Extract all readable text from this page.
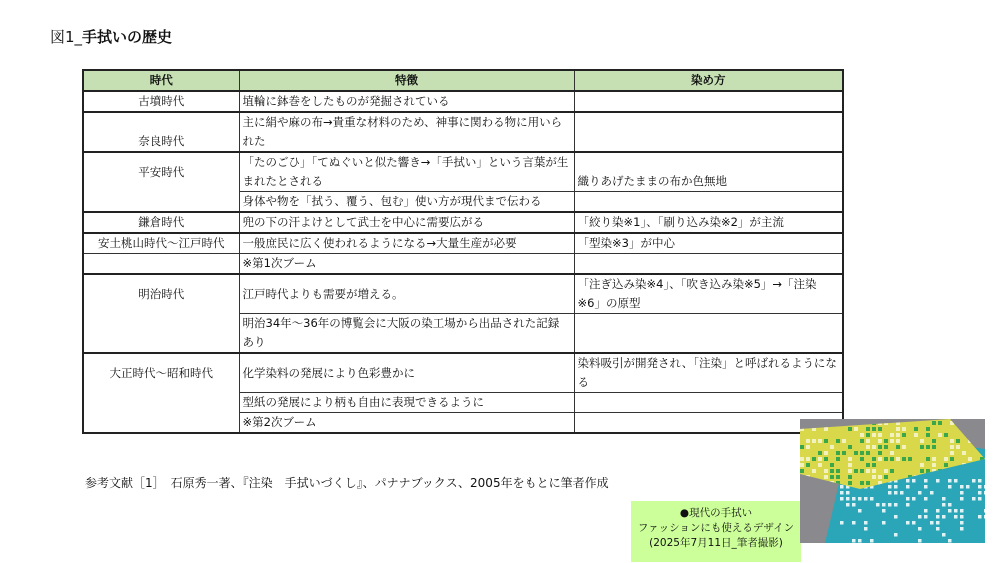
図1_手拭いの歴史
時代	特徴	染め方
古墳時代	埴輪に鉢巻をしたものが発掘されている	
奈良時代	主に絹や麻の布→貴重な材料のため、神事に関わる物に用いられた	
平安時代	「たのごひ」「てぬぐいと似た響き→「手拭い」という言葉が生まれたとされる	織りあげたままの布か色無地
	身体や物を「拭う、覆う、包む」使い方が現代まで伝わる	
鎌倉時代	兜の下の汗よけとして武士を中心に需要広がる	「絞り染※1」、「刷り込み染※2」が主流
安土桃山時代〜江戸時代	一般庶民に広く使われるようになる→大量生産が必要	「型染※3」が中心
	※第1次ブーム	
明治時代	江戸時代よりも需要が増える。	「注ぎ込み染※4」、「吹き込み染※5」→「注染※6」の原型
	明治34年〜36年の博覧会に大阪の染工場から出品された記録あり	
大正時代〜昭和時代	化学染料の発展により色彩豊かに	染料吸引が開発され、「注染」と呼ばれるようになる
	型紙の発展により柄も自由に表現できるように	
	※第2次ブーム	
参考文献［1］　石原秀一著、『注染　手拭いづくし』、パナナブックス、2005年をもとに筆者作成
●現代の手拭い
ファッションにも使えるデザイン
(2025年7月11日_筆者撮影)
